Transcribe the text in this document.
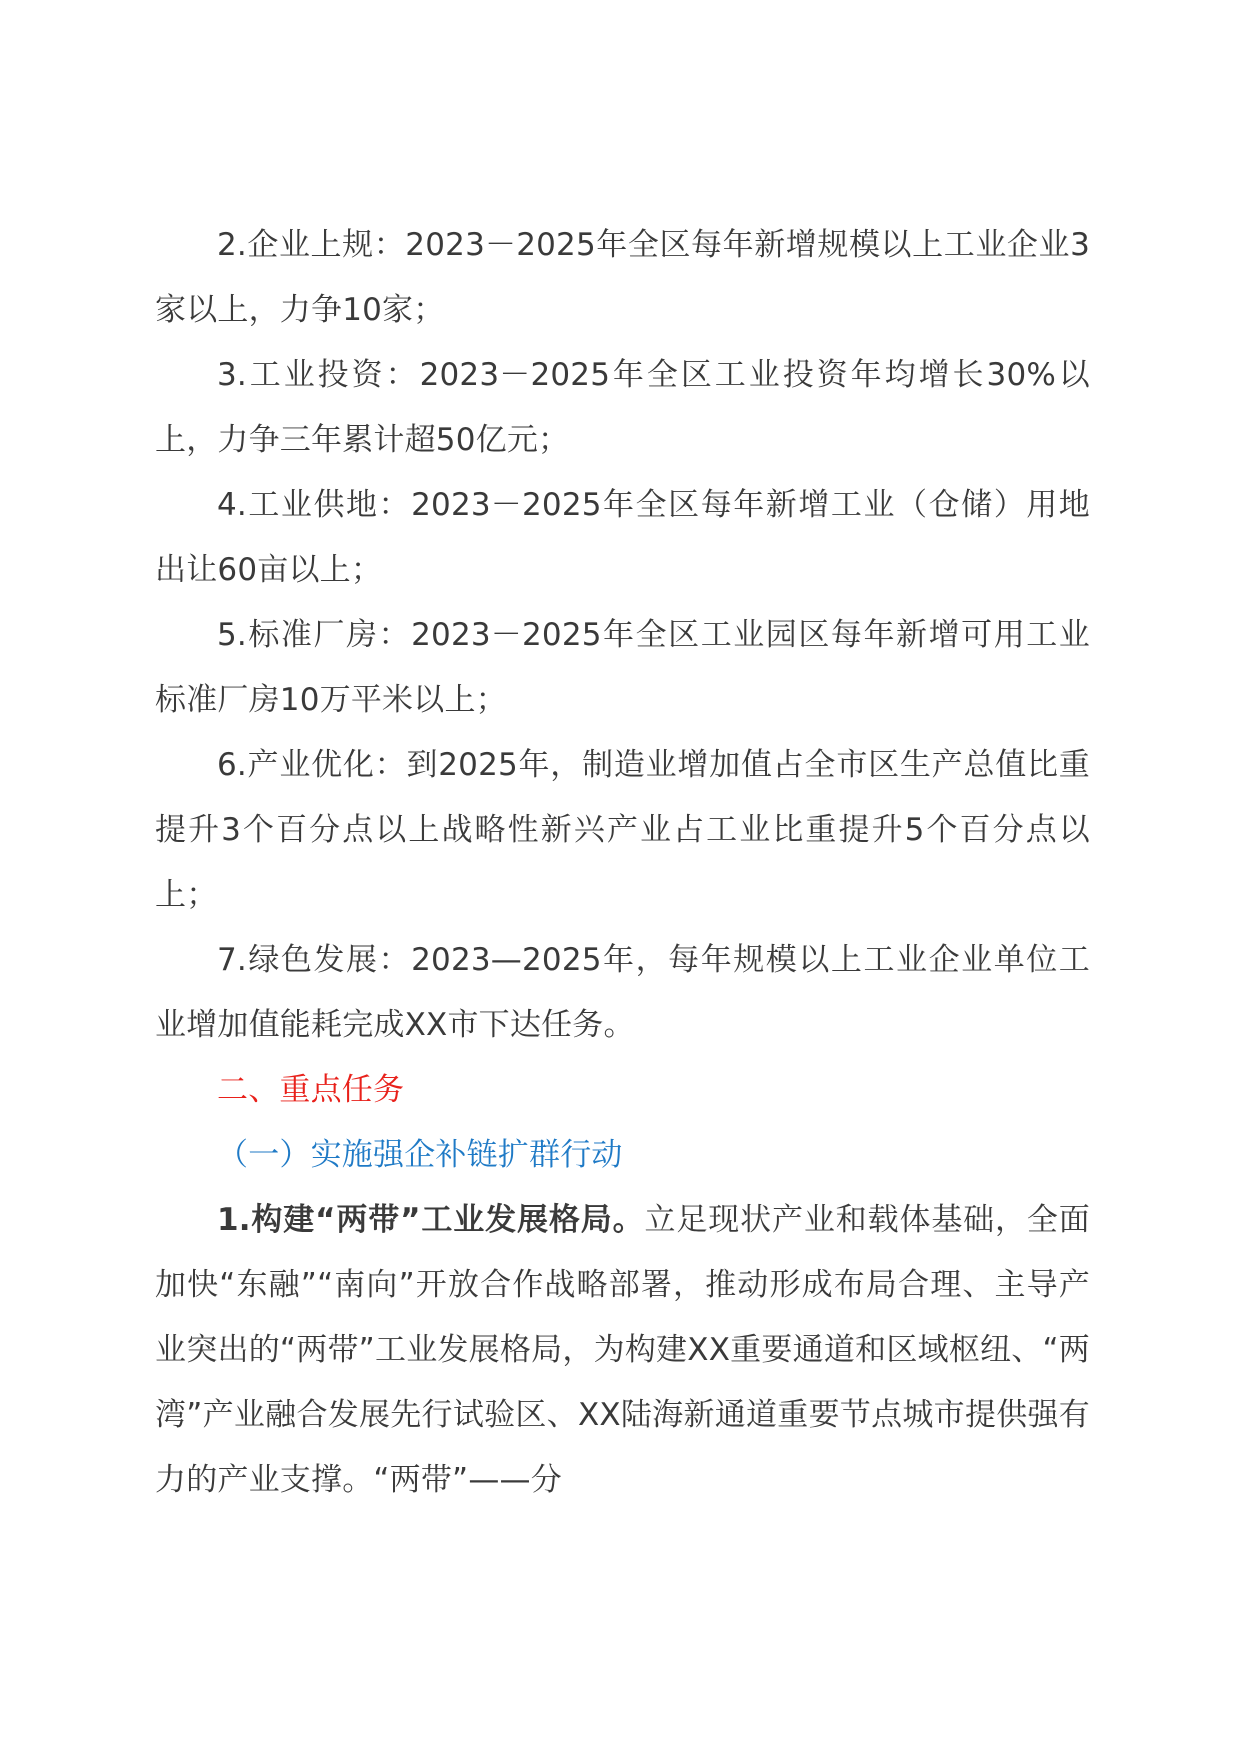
2.企业上规：2023－2025年全区每年新增规模以上工业企业3家以上，力争10家；

3.工业投资：2023－2025年全区工业投资年均增长30%以上，力争三年累计超50亿元；

4.工业供地：2023－2025年全区每年新增工业（仓储）用地出让60亩以上；

5.标准厂房：2023－2025年全区工业园区每年新增可用工业标准厂房10万平米以上；

6.产业优化：到2025年，制造业增加值占全市区生产总值比重提升3个百分点以上战略性新兴产业占工业比重提升5个百分点以上；

7.绿色发展：2023—2025年，每年规模以上工业企业单位工业增加值能耗完成XX市下达任务。

二、重点任务

（一）实施强企补链扩群行动

1.构建“两带”工业发展格局。立足现状产业和载体基础，全面加快“东融”“南向”开放合作战略部署，推动形成布局合理、主导产业突出的“两带”工业发展格局，为构建XX重要通道和区域枢纽、“两湾”产业融合发展先行试验区、XX陆海新通道重要节点城市提供强有力的产业支撑。“两带”——分
